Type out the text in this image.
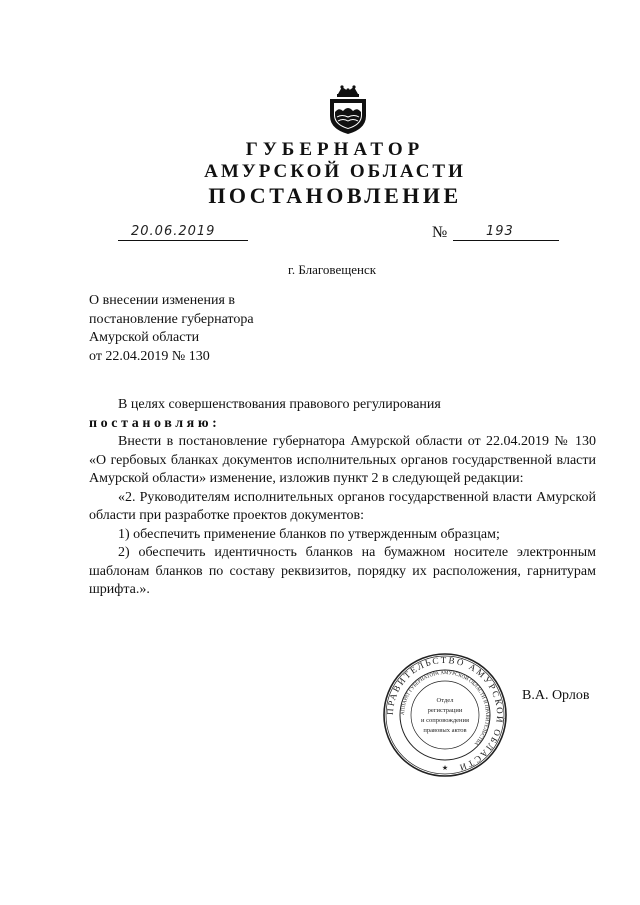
ГУБЕРНАТОР
АМУРСКОЙ ОБЛАСТИ
ПОСТАНОВЛЕНИЕ
20.06.2019	№	193
г. Благовещенск
О внесении изменения в
постановление губернатора
Амурской области
от 22.04.2019 № 130

В целях совершенствования правового регулирования

постановляю:

Внести в постановление губернатора Амурской области от 22.04.2019 № 130 «О гербовых бланках документов исполнительных органов государственной власти Амурской области» изменение, изложив пункт 2 в следующей редакции:

«2. Руководителям исполнительных органов государственной власти Амурской области при разработке проектов документов:

1) обеспечить применение бланков по утвержденным образцам;

2) обеспечить идентичность бланков на бумажном носителе электронным шаблонам бланков по составу реквизитов, порядку их расположения, гарнитурам шрифта.».

ПРАВИТЕЛЬСТВО АМУРСКОЙ ОБЛАСТИ
АППАРАТ ГУБЕРНАТОРА АМУРСКОЙ ОБЛАСТИ И ПРАВИТЕЛЬСТВА
Отдел
регистрации
и сопровождения
правовых актов
★
В.А. Орлов
